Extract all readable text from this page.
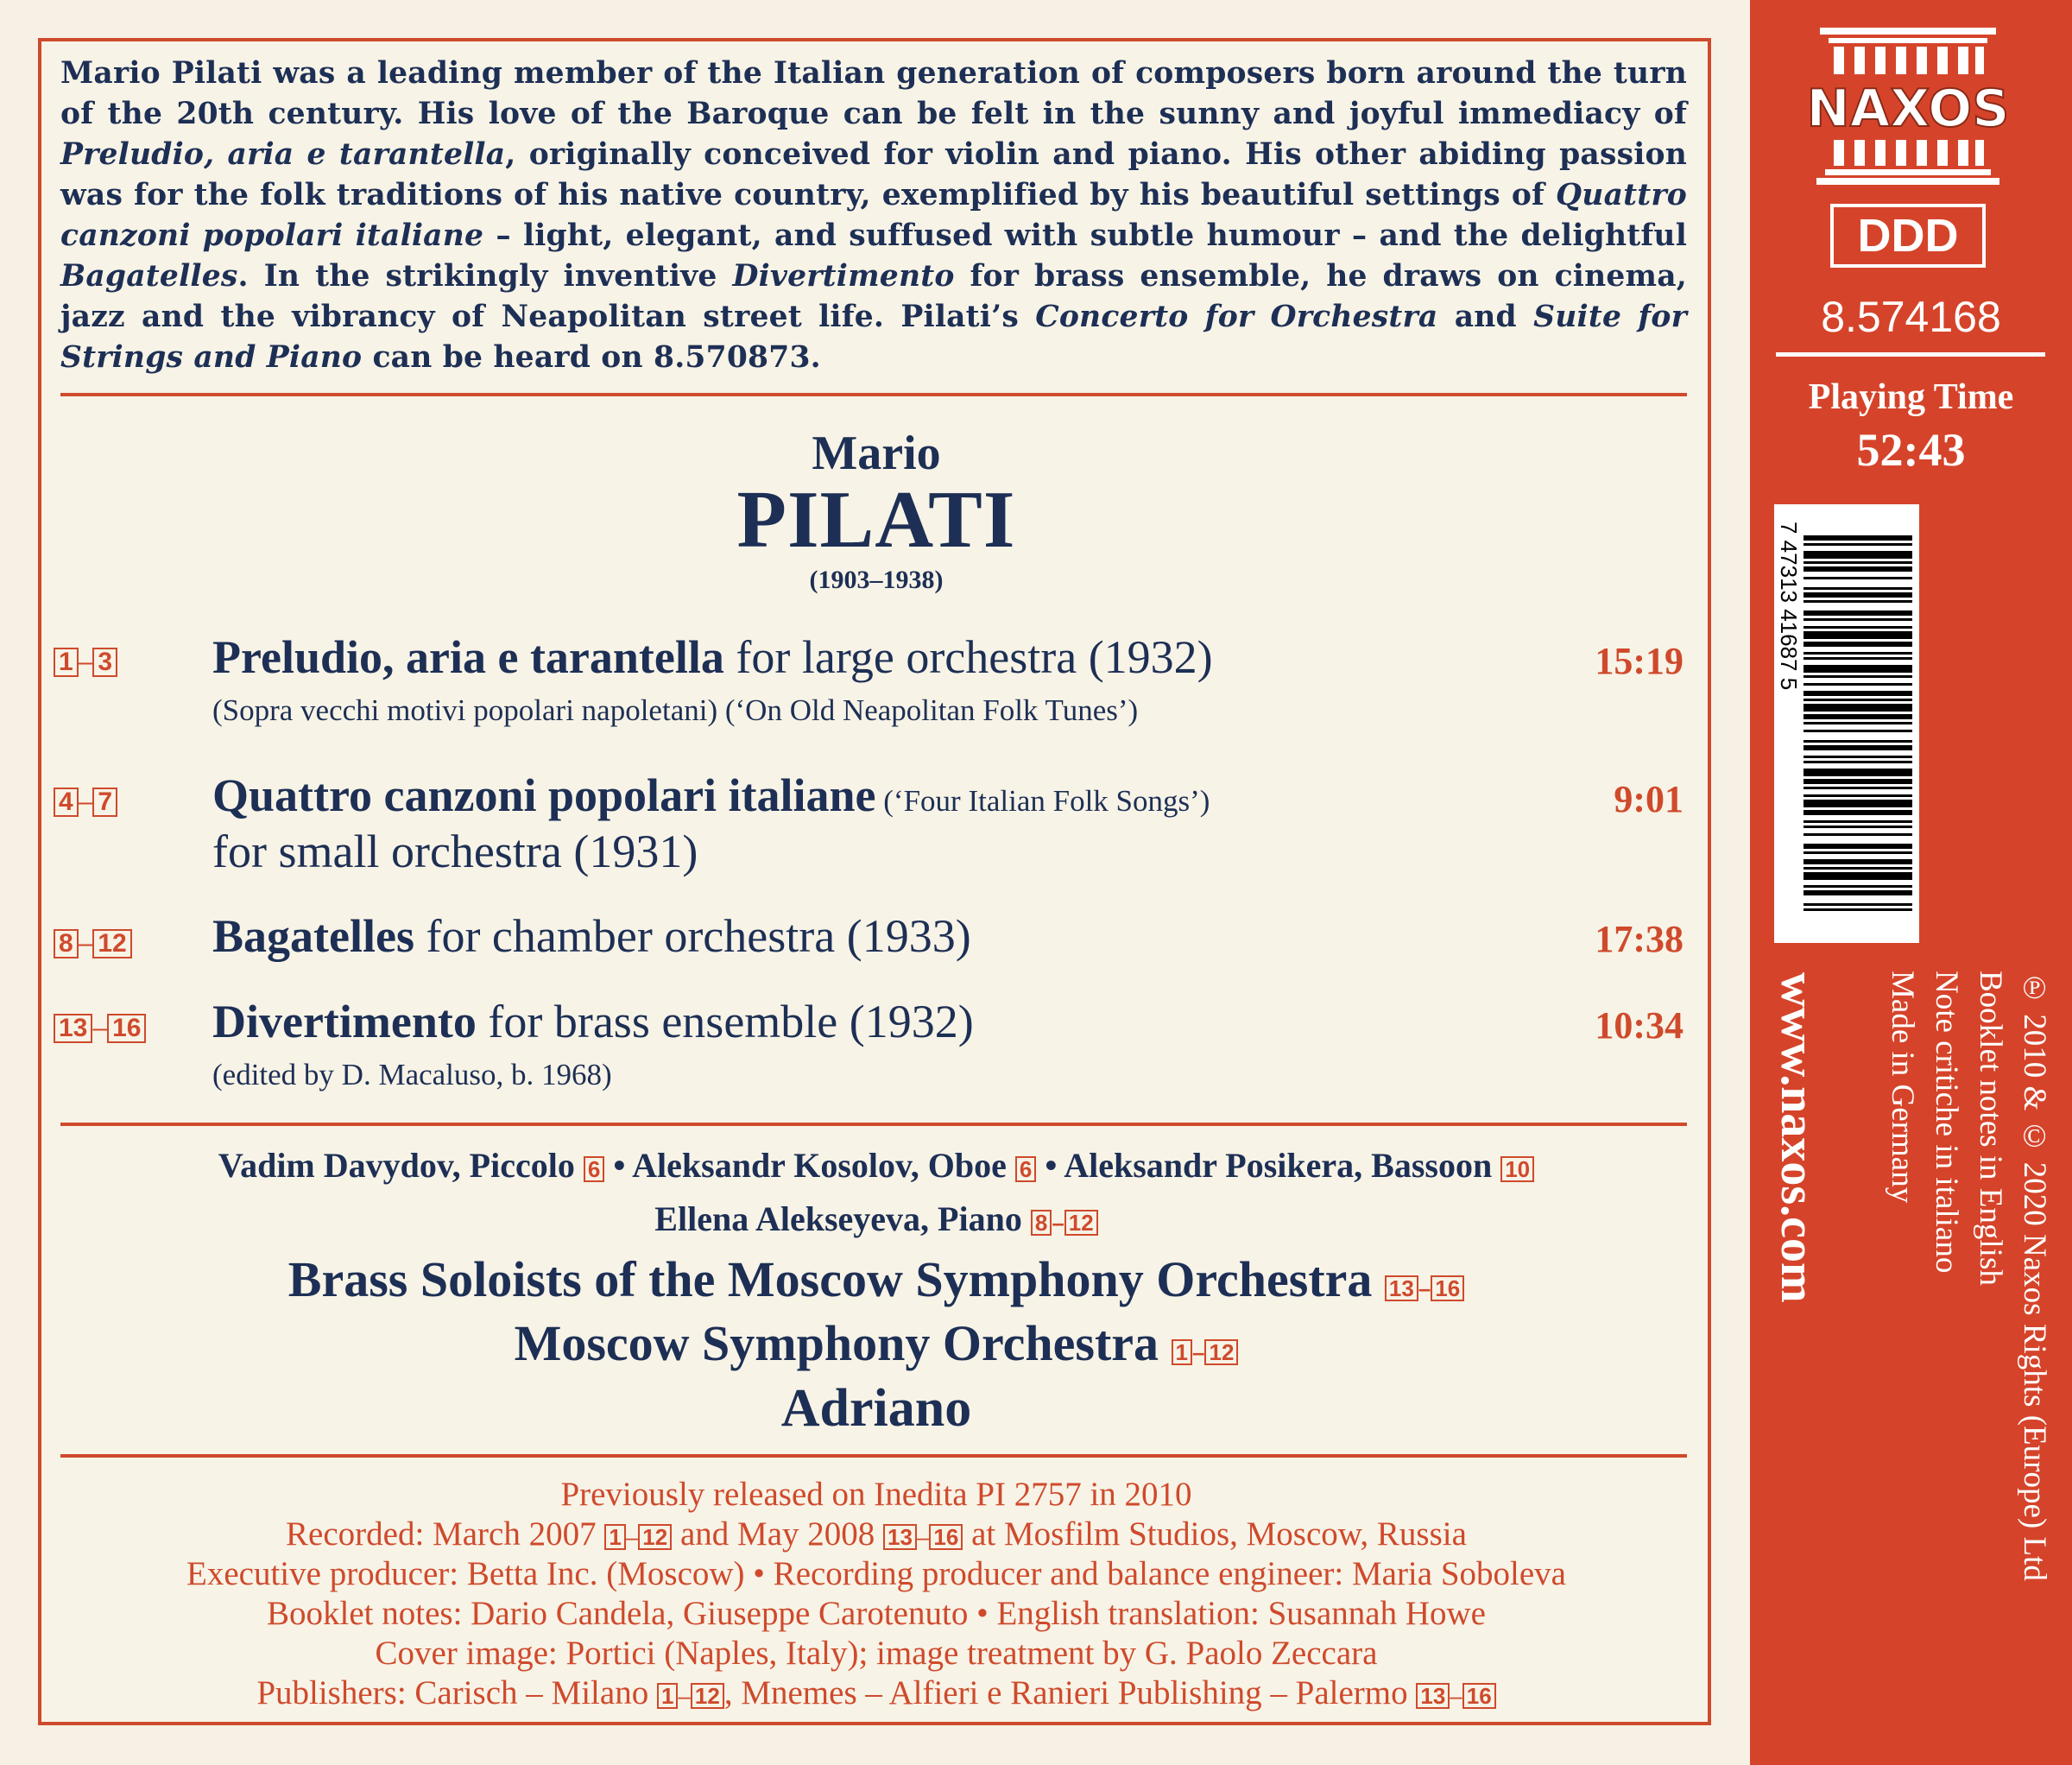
Mario Pilati was a leading member of the Italian generation of composers born around the turn of the 20th century. His love of the Baroque can be felt in the sunny and joyful immediacy of Preludio, aria e tarantella, originally conceived for violin and piano. His other abiding passion was for the folk traditions of his native country, exemplified by his beautiful settings of Quattro canzoni popolari italiane – light, elegant, and suffused with subtle humour – and the delightful Bagatelles. In the strikingly inventive Divertimento for brass ensemble, he draws on cinema, jazz and the vibrancy of Neapolitan street life. Pilati’s Concerto for Orchestra and Suite for Strings and Piano can be heard on 8.570873.

Mario
PILATI
(1903–1938)
1 – 3 Preludio, aria e tarantella for large orchestra (1932)	15:19
(Sopra vecchi motivi popolari napoletani) (‘On Old Neapolitan Folk Tunes’)
4 – 7 Quattro canzoni popolari italiane (‘Four Italian Folk Songs’)	9:01
for small orchestra (1931)
8 – 12 Bagatelles for chamber orchestra (1933)	17:38
13 – 16 Divertimento for brass ensemble (1932)	10:34
(edited by D. Macaluso, b. 1968)
Vadim Davydov, Piccolo 6 • Aleksandr Kosolov, Oboe 6 • Aleksandr Posikera, Bassoon 10
Ellena Alekseyeva, Piano 8 – 12
Brass Soloists of the Moscow Symphony Orchestra 13 – 16
Moscow Symphony Orchestra 1 – 12
Adriano
Previously released on Inedita PI 2757 in 2010
Recorded: March 2007 1 – 12 and May 2008 13 – 16 at Mosfilm Studios, Moscow, Russia
Executive producer: Betta Inc. (Moscow) • Recording producer and balance engineer: Maria Soboleva
Booklet notes: Dario Candela, Giuseppe Carotenuto • English translation: Susannah Howe
Cover image: Portici (Naples, Italy); image treatment by G. Paolo Zeccara
Publishers: Carisch – Milano 1 – 12 , Mnemes – Alfieri e Ranieri Publishing – Palermo 13 – 16
NAXOS
DDD
8.574168
Playing Time
52:43
7 47313 41687 5
www.naxos.com	℗ 2010 & © 2020 Naxos Rights (Europe) Ltd
Booklet notes in English
Note critiche in italiano
Made in Germany
